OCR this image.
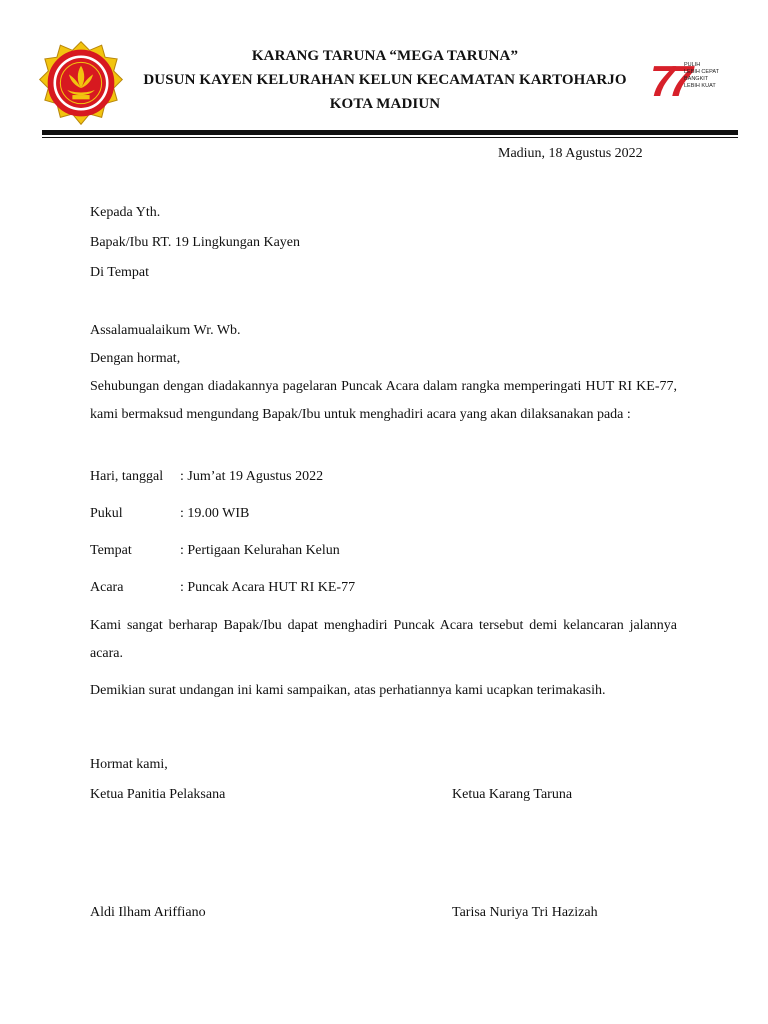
KARANG TARUNA “MEGA TARUNA”
DUSUN KAYEN KELURAHAN KELUN KECAMATAN KARTOHARJO
KOTA MADIUN	77
PULIH
LEBIH CEPAT
BANGKIT
LEBIH KUAT
Madiun, 18 Agustus 2022
Kepada Yth.
Bapak/Ibu RT. 19 Lingkungan Kayen
Di Tempat
Assalamualaikum Wr. Wb.
Dengan hormat,
Sehubungan dengan diadakannya pagelaran Puncak Acara dalam rangka memperingati HUT RI KE-77, kami bermaksud mengundang Bapak/Ibu untuk menghadiri acara yang akan dilaksanakan pada :
Hari, tanggal : Jum’at 19 Agustus 2022
Pukul	: 19.00 WIB
Tempat	: Pertigaan Kelurahan Kelun
Acara	: Puncak Acara HUT RI KE-77
Kami sangat berharap Bapak/Ibu dapat menghadiri Puncak Acara tersebut demi kelancaran jalannya acara.
Demikian surat undangan ini kami sampaikan, atas perhatiannya kami ucapkan terimakasih.
Hormat kami,
Ketua Panitia Pelaksana	Ketua Karang Taruna
Aldi Ilham Ariffiano	Tarisa Nuriya Tri Hazizah
